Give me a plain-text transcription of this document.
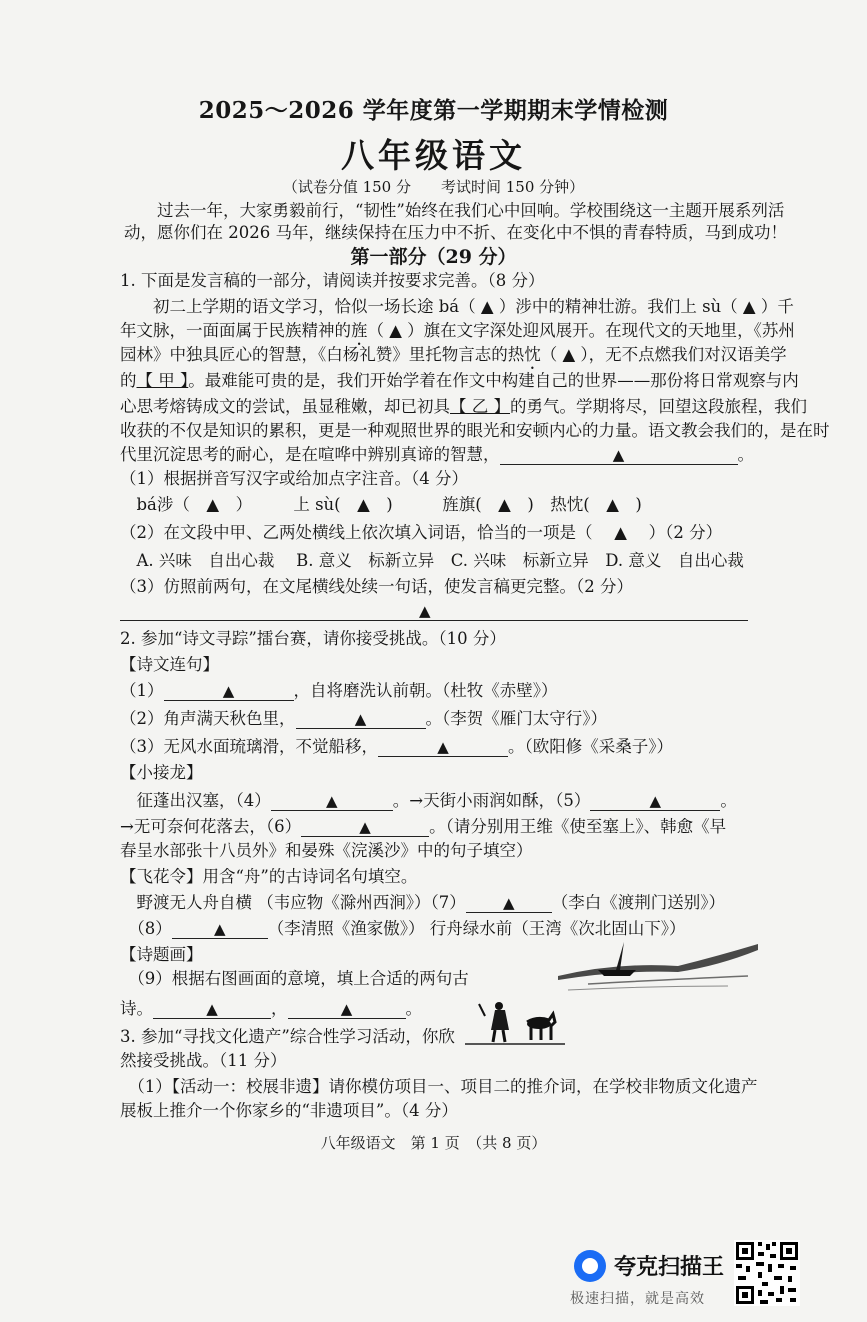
2025～2026 学年度第一学期期末学情检测
八年级语文
（试卷分值 150 分　　考试时间 150 分钟）
　　过去一年，大家勇毅前行，“韧性”始终在我们心中回响。学校围绕这一主题开展系列活
动，愿你们在 2026 马年，继续保持在压力中不折、在变化中不惧的青春特质，马到成功！
第一部分（29 分）
1. 下面是发言稿的一部分，请阅读并按要求完善。（8 分）
　　初二上学期的语文学习，恰似一场长途 bá（ ▲ ）涉中的精神壮游。我们上 sù（ ▲ ）千
年文脉，一面面属于民族精神的旌（ ▲ ）旗在文字深处迎风展开。在现代文的天地里，《苏州
园林》中独具匠心的智慧，《白杨礼赞》里托物言志的热忱（ ▲ ），无不点燃我们对汉语美学
的【 甲 】。最难能可贵的是，我们开始学着在作文中构建自己的世界——那份将日常观察与内
心思考熔铸成文的尝试，虽显稚嫩，却已初具【 乙 】的勇气。学期将尽，回望这段旅程，我们
收获的不仅是知识的累积，更是一种观照世界的眼光和安顿内心的力量。语文教会我们的，是在时
代里沉淀思考的耐心，是在喧哗中辨别真谛的智慧，	▲	。
（1）根据拼音写汉字或给加点字注音。（4 分）
　bá涉（　▲　）　　　上 sù(　▲　)　　　旌旗(　▲　)　热忱(　▲　)
（2）在文段中甲、乙两处横线上依次填入词语，恰当的一项是（　 ▲　 ）（2 分）
　A. 兴味　自出心裁　 B. 意义　标新立异　C. 兴味　标新立异　D. 意义　自出心裁
（3）仿照前两句，在文尾横线处续一句话，使发言稿更完整。（2 分）
▲
2. 参加“诗文寻踪”擂台赛，请你接受挑战。（10 分）
【诗文连句】
（1）	▲	，自将磨洗认前朝。（杜牧《赤壁》）
（2）角声满天秋色里，	▲	。（李贺《雁门太守行》）
（3）无风水面琉璃滑，不觉船移，	▲	。（欧阳修《采桑子》）
【小接龙】
　征蓬出汉塞，（4）	▲	。→天街小雨润如酥，（5）	▲	。
→无可奈何花落去，（6）	▲	。（请分别用王维《使至塞上》、韩愈《早
春呈水部张十八员外》和晏殊《浣溪沙》中的句子填空）
【飞花令】用含“舟”的古诗词名句填空。
　野渡无人舟自横 （韦应物《滁州西涧》）（7） ▲ （李白《渡荆门送别》）
　（8）	▲	（李清照《渔家傲》） 行舟绿水前（王湾《次北固山下》）
【诗题画】
　（9）根据右图画面的意境，填上合适的两句古
诗。	▲	，	▲	。
3. 参加“寻找文化遗产”综合性学习活动，你欣
然接受挑战。（11 分）
　（1）【活动一：校展非遗】请你模仿项目一、项目二的推介词，在学校非物质文化遗产
展板上推介一个你家乡的“非遗项目”。（4 分）
八年级语文　第 1 页　（共 8 页）
夸克扫描王
极速扫描，就是高效
